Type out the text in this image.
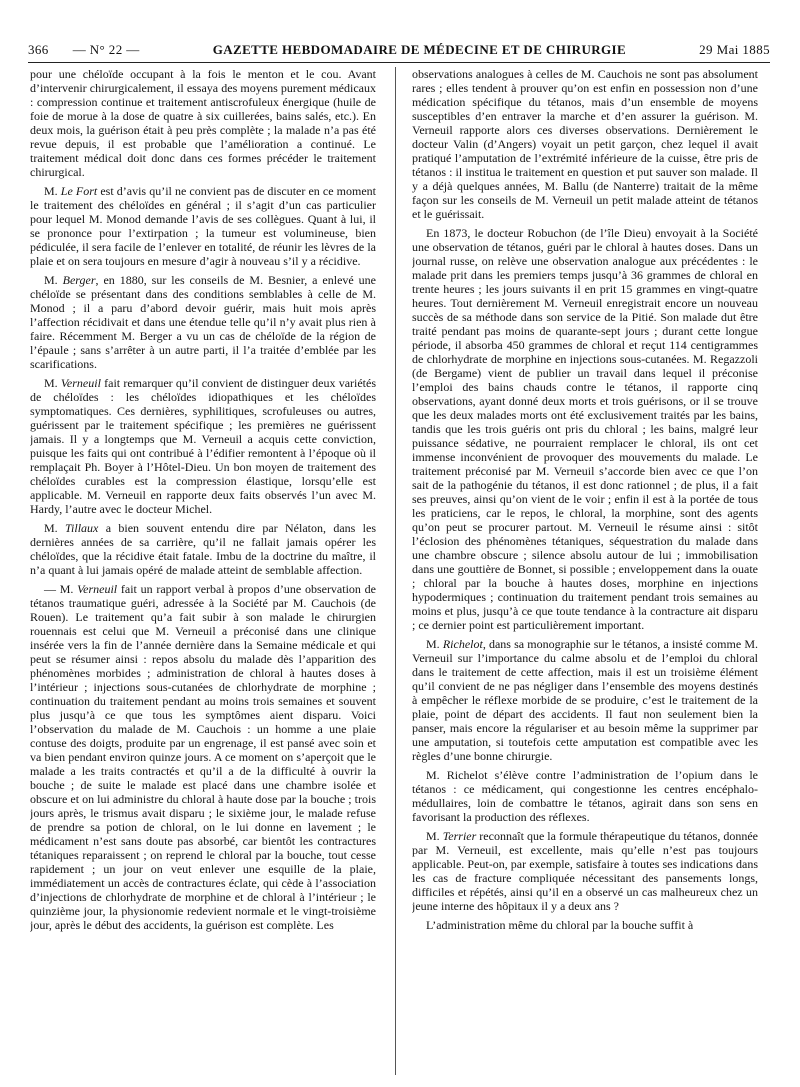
366 — N° 22 —	GAZETTE HEBDOMADAIRE DE MÉDECINE ET DE CHIRURGIE	29 Mai 1885

pour une chéloïde occupant à la fois le menton et le cou. Avant d’intervenir chirurgicalement, il essaya des moyens purement médicaux : compression continue et traitement antiscrofuleux énergique (huile de foie de morue à la dose de quatre à six cuillerées, bains salés, etc.). En deux mois, la guérison était à peu près complète ; la malade n’a pas été revue depuis, il est probable que l’amélioration a continué. Le traitement médical doit donc dans ces formes précéder le traitement chirurgical.

M. Le Fort est d’avis qu’il ne convient pas de discuter en ce moment le traitement des chéloïdes en général ; il s’agit d’un cas particulier pour lequel M. Monod demande l’avis de ses collègues. Quant à lui, il se prononce pour l’extirpation ; la tumeur est volumineuse, bien pédiculée, il sera facile de l’enlever en totalité, de réunir les lèvres de la plaie et on sera toujours en mesure d’agir à nouveau s’il y a récidive.

M. Berger, en 1880, sur les conseils de M. Besnier, a enlevé une chéloïde se présentant dans des conditions semblables à celle de M. Monod ; il a paru d’abord devoir guérir, mais huit mois après l’affection récidivait et dans une étendue telle qu’il n’y avait plus rien à faire. Récemment M. Berger a vu un cas de chéloïde de la région de l’épaule ; sans s’arrêter à un autre parti, il l’a traitée d’emblée par les scarifications.

M. Verneuil fait remarquer qu’il convient de distinguer deux variétés de chéloïdes : les chéloïdes idiopathiques et les chéloïdes symptomatiques. Ces dernières, syphilitiques, scrofuleuses ou autres, guérissent par le traitement spécifique ; les premières ne guérissent jamais. Il y a longtemps que M. Verneuil a acquis cette conviction, puisque les faits qui ont contribué à l’édifier remontent à l’époque où il remplaçait Ph. Boyer à l’Hôtel-Dieu. Un bon moyen de traitement des chéloïdes curables est la compression élastique, lorsqu’elle est applicable. M. Verneuil en rapporte deux faits observés l’un avec M. Hardy, l’autre avec le docteur Michel.

M. Tillaux a bien souvent entendu dire par Nélaton, dans les dernières années de sa carrière, qu’il ne fallait jamais opérer les chéloïdes, que la récidive était fatale. Imbu de la doctrine du maître, il n’a quant à lui jamais opéré de malade atteint de semblable affection.

— M. Verneuil fait un rapport verbal à propos d’une observation de tétanos traumatique guéri, adressée à la Société par M. Cauchois (de Rouen). Le traitement qu’a fait subir à son malade le chirurgien rouennais est celui que M. Verneuil a préconisé dans une clinique insérée vers la fin de l’année dernière dans la Semaine médicale et qui peut se résumer ainsi : repos absolu du malade dès l’apparition des phénomènes morbides ; administration de chloral à hautes doses à l’intérieur ; injections sous-cutanées de chlorhydrate de morphine ; continuation du traitement pendant au moins trois semaines et souvent plus jusqu’à ce que tous les symptômes aient disparu. Voici l’observation du malade de M. Cauchois : un homme a une plaie contuse des doigts, produite par un engrenage, il est pansé avec soin et va bien pendant environ quinze jours. A ce moment on s’aperçoit que le malade a les traits contractés et qu’il a de la difficulté à ouvrir la bouche ; de suite le malade est placé dans une chambre isolée et obscure et on lui administre du chloral à haute dose par la bouche ; trois jours après, le trismus avait disparu ; le sixième jour, le malade refuse de prendre sa potion de chloral, on le lui donne en lavement ; le médicament n’est sans doute pas absorbé, car bientôt les contractures tétaniques reparaissent ; on reprend le chloral par la bouche, tout cesse rapidement ; un jour on veut enlever une esquille de la plaie, immédiatement un accès de contractures éclate, qui cède à l’association d’injections de chlorhydrate de morphine et de chloral à l’intérieur ; le quinzième jour, la physionomie redevient normale et le vingt-troisième jour, après le début des accidents, la guérison est complète. Les

observations analogues à celles de M. Cauchois ne sont pas absolument rares ; elles tendent à prouver qu’on est enfin en possession non d’une médication spécifique du tétanos, mais d’un ensemble de moyens susceptibles d’en entraver la marche et d’en assurer la guérison. M. Verneuil rapporte alors ces diverses observations. Dernièrement le docteur Valin (d’Angers) voyait un petit garçon, chez lequel il avait pratiqué l’amputation de l’extrémité inférieure de la cuisse, être pris de tétanos : il institua le traitement en question et put sauver son malade. Il y a déjà quelques années, M. Ballu (de Nanterre) traitait de la même façon sur les conseils de M. Verneuil un petit malade atteint de tétanos et le guérissait.

En 1873, le docteur Robuchon (de l’île Dieu) envoyait à la Société une observation de tétanos, guéri par le chloral à hautes doses. Dans un journal russe, on relève une observation analogue aux précédentes : le malade prit dans les premiers temps jusqu’à 36 grammes de chloral en trente heures ; les jours suivants il en prit 15 grammes en vingt-quatre heures. Tout dernièrement M. Verneuil enregistrait encore un nouveau succès de sa méthode dans son service de la Pitié. Son malade dut être traité pendant pas moins de quarante-sept jours ; durant cette longue période, il absorba 450 grammes de chloral et reçut 114 centigrammes de chlorhydrate de morphine en injections sous-cutanées. M. Regazzoli (de Bergame) vient de publier un travail dans lequel il préconise l’emploi des bains chauds contre le tétanos, il rapporte cinq observations, ayant donné deux morts et trois guérisons, or il se trouve que les deux malades morts ont été exclusivement traités par les bains, tandis que les trois guéris ont pris du chloral ; les bains, malgré leur puissance sédative, ne pourraient remplacer le chloral, ils ont cet immense inconvénient de provoquer des mouvements du malade. Le traitement préconisé par M. Verneuil s’accorde bien avec ce que l’on sait de la pathogénie du tétanos, il est donc rationnel ; de plus, il a fait ses preuves, ainsi qu’on vient de le voir ; enfin il est à la portée de tous les praticiens, car le repos, le chloral, la morphine, sont des agents qu’on peut se procurer partout. M. Verneuil le résume ainsi : sitôt l’éclosion des phénomènes tétaniques, séquestration du malade dans une chambre obscure ; silence absolu autour de lui ; immobilisation dans une gouttière de Bonnet, si possible ; enveloppement dans la ouate ; chloral par la bouche à hautes doses, morphine en injections hypodermiques ; continuation du traitement pendant trois semaines au moins et plus, jusqu’à ce que toute tendance à la contracture ait disparu ; ce dernier point est particulièrement important.

M. Richelot, dans sa monographie sur le tétanos, a insisté comme M. Verneuil sur l’importance du calme absolu et de l’emploi du chloral dans le traitement de cette affection, mais il est un troisième élément qu’il convient de ne pas négliger dans l’ensemble des moyens destinés à empêcher le réflexe morbide de se produire, c’est le traitement de la plaie, point de départ des accidents. Il faut non seulement bien la panser, mais encore la régulariser et au besoin même la supprimer par une amputation, si toutefois cette amputation est compatible avec les règles d’une bonne chirurgie.

M. Richelot s’élève contre l’administration de l’opium dans le tétanos : ce médicament, qui congestionne les centres encéphalo-médullaires, loin de combattre le tétanos, agirait dans son sens en favorisant la production des réflexes.

M. Terrier reconnaît que la formule thérapeutique du tétanos, donnée par M. Verneuil, est excellente, mais qu’elle n’est pas toujours applicable. Peut-on, par exemple, satisfaire à toutes ses indications dans les cas de fracture compliquée nécessitant des pansements longs, difficiles et répétés, ainsi qu’il en a observé un cas malheureux chez un jeune interne des hôpitaux il y a deux ans ?

L’administration même du chloral par la bouche suffit à
